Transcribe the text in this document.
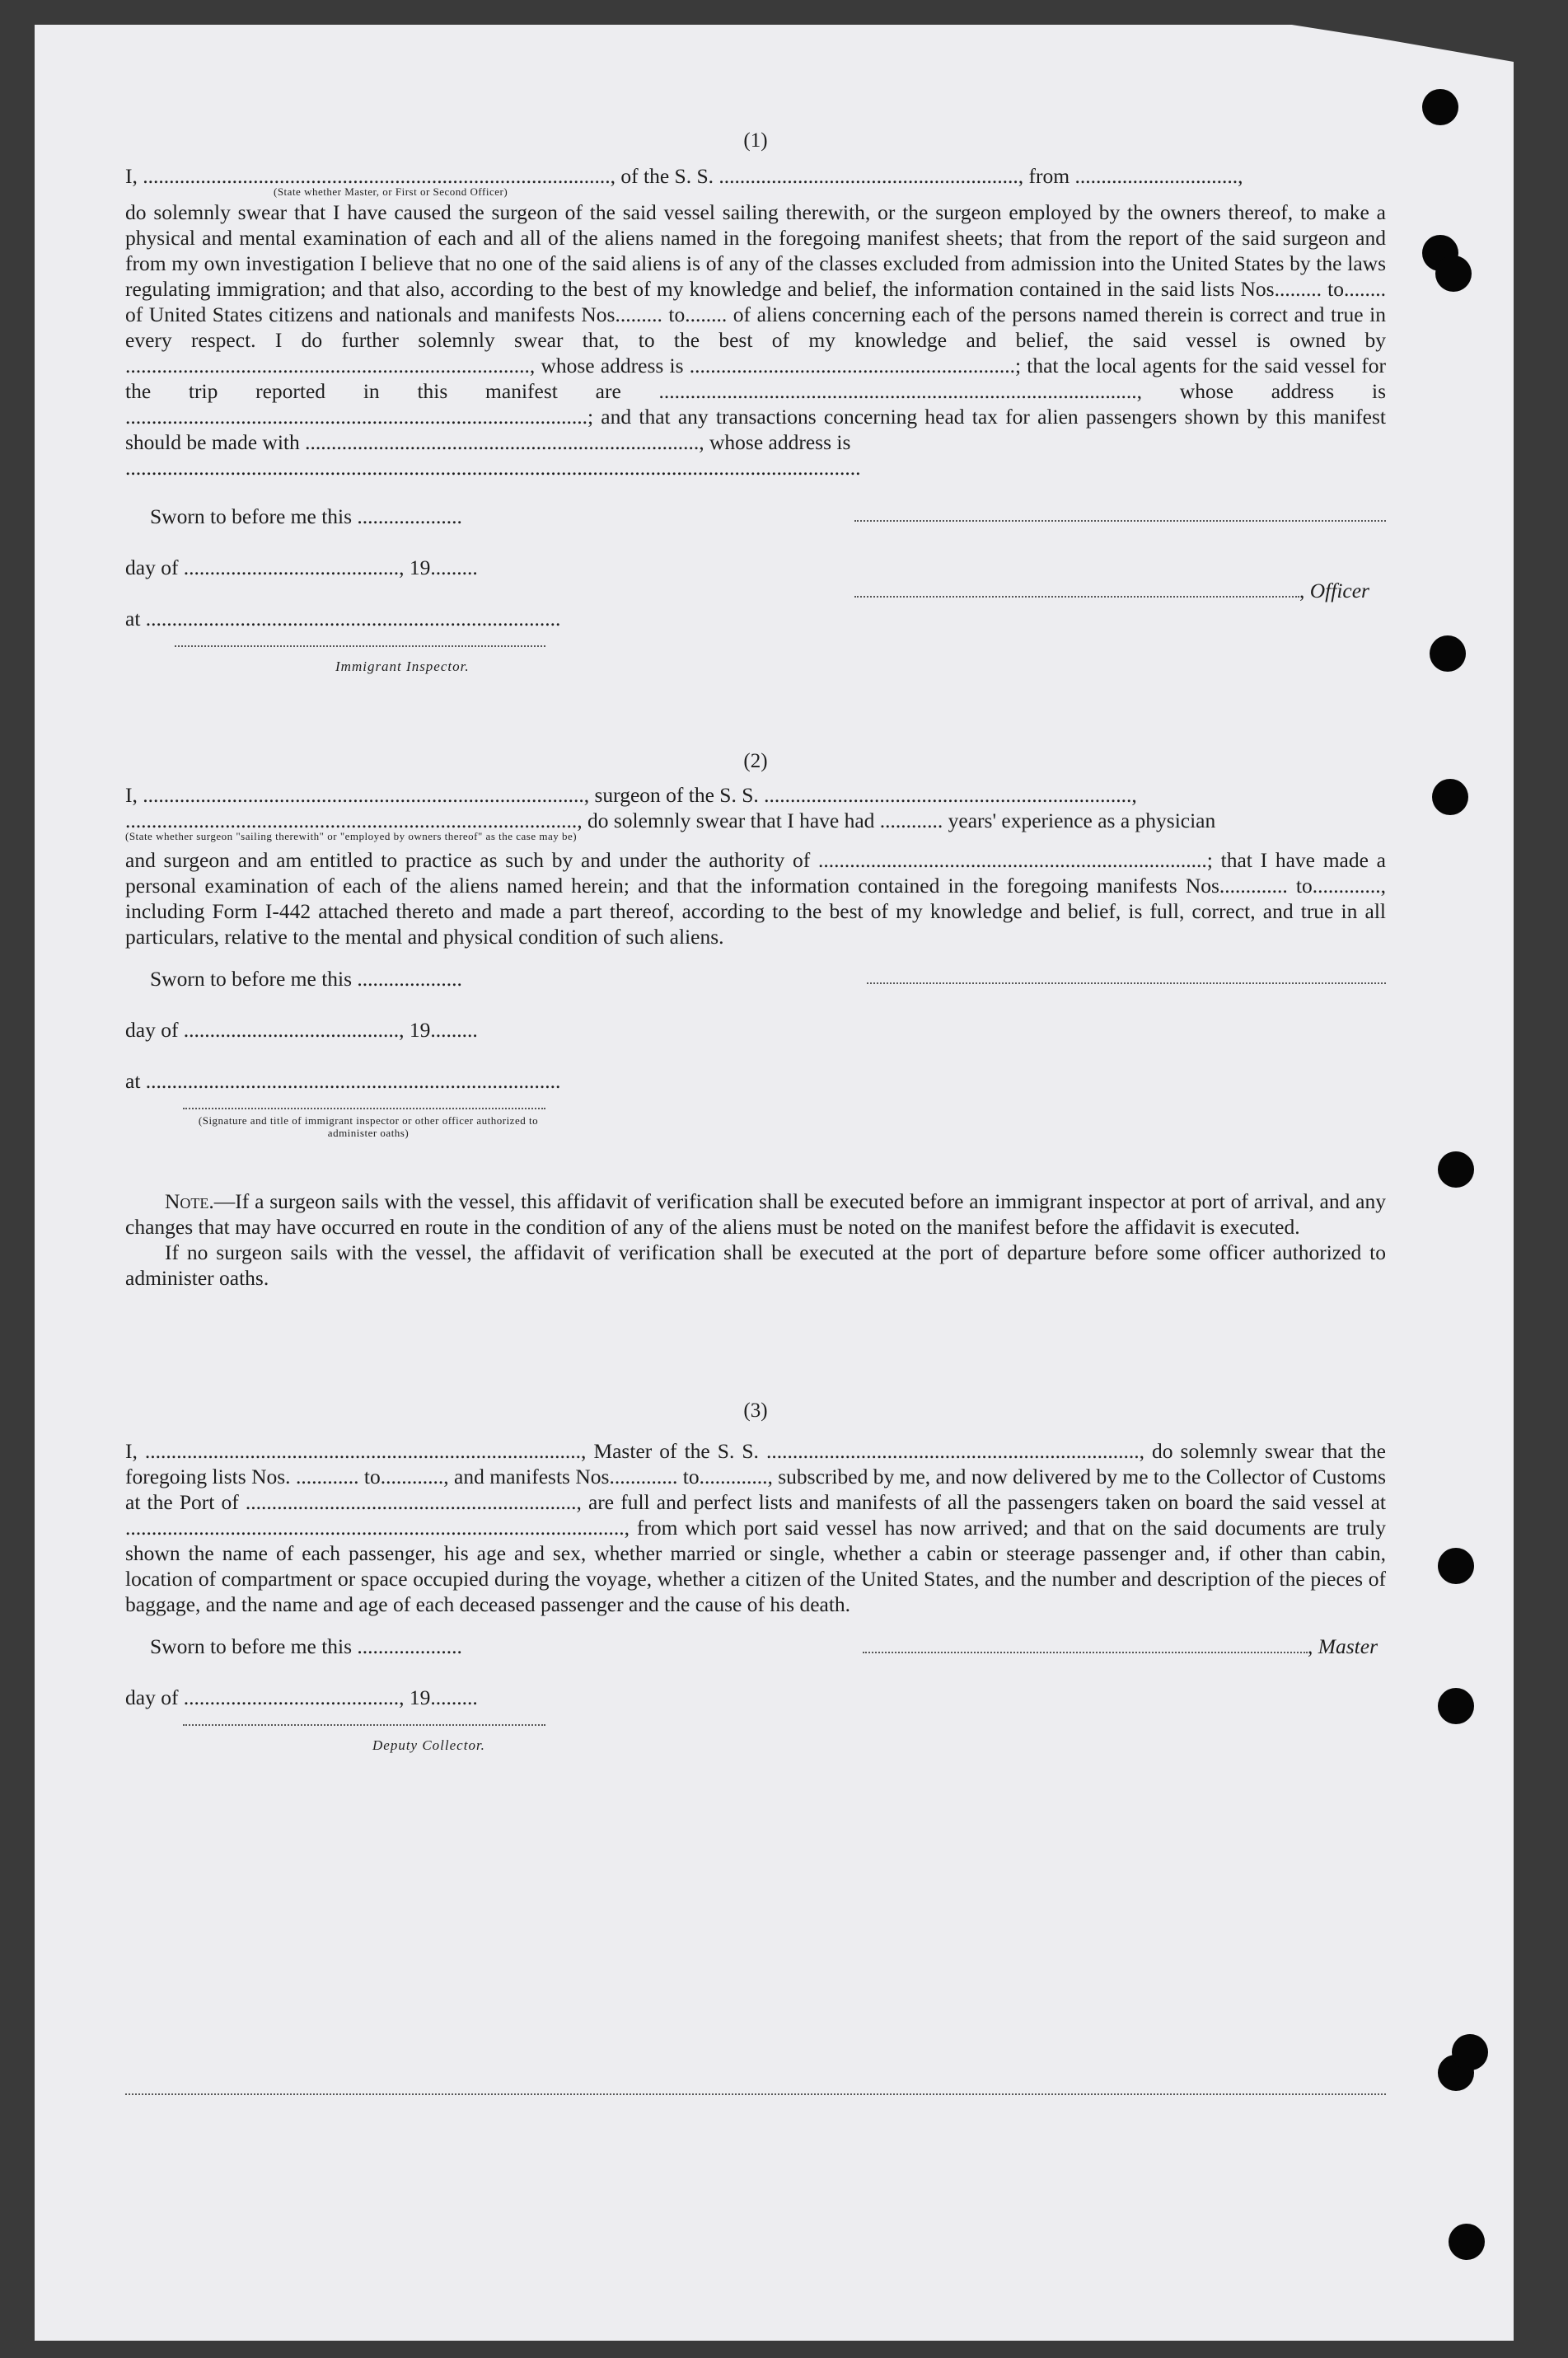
(1)

I, ........................................................................................., of the S. S. ........................................................., from ...............................,

(State whether Master, or First or Second Officer)

do solemnly swear that I have caused the surgeon of the said vessel sailing therewith, or the surgeon employed by the owners thereof, to make a physical and mental examination of each and all of the aliens named in the foregoing manifest sheets; that from the report of the said surgeon and from my own investigation I believe that no one of the said aliens is of any of the classes excluded from admission into the United States by the laws regulating immigration; and that also, according to the best of my knowledge and belief, the information contained in the said lists Nos......... to........ of United States citizens and nationals and manifests Nos......... to........ of aliens concerning each of the persons named therein is correct and true in every respect. I do further solemnly swear that, to the best of my knowledge and belief, the said vessel is owned by ............................................................................., whose address is ..............................................................; that the local agents for the said vessel for the trip reported in this manifest are ..........................................................................................., whose address is ........................................................................................; and that any transactions concerning head tax for alien passengers shown by this manifest should be made with ..........................................................................., whose address is

............................................................................................................................................

Sworn to before me this ....................
day of ........................................., 19.........
at ...............................................................................
Immigrant Inspector.
, Officer

(2)

I, ...................................................................................., surgeon of the S. S. ......................................................................,

......................................................................................, do solemnly swear that I have had ............ years' experience as a physician

(State whether surgeon "sailing therewith" or "employed by owners thereof" as the case may be)

and surgeon and am entitled to practice as such by and under the authority of ..........................................................................; that I have made a personal examination of each of the aliens named herein; and that the information contained in the foregoing manifests Nos............. to............., including Form I-442 attached thereto and made a part thereof, according to the best of my knowledge and belief, is full, correct, and true in all particulars, relative to the mental and physical condition of such aliens.

Sworn to before me this ....................
day of ........................................., 19.........
at ...............................................................................
(Signature and title of immigrant inspector or other officer authorized to administer oaths)

Note.—If a surgeon sails with the vessel, this affidavit of verification shall be executed before an immigrant inspector at port of arrival, and any changes that may have occurred en route in the condition of any of the aliens must be noted on the manifest before the affidavit is executed.

If no surgeon sails with the vessel, the affidavit of verification shall be executed at the port of departure before some officer authorized to administer oaths.

(3)

I, ..................................................................................., Master of the S. S. ......................................................................., do solemnly swear that the foregoing lists Nos. ............ to............, and manifests Nos............. to............., subscribed by me, and now delivered by me to the Collector of Customs at the Port of ..............................................................., are full and perfect lists and manifests of all the passengers taken on board the said vessel at ..............................................................................................., from which port said vessel has now arrived; and that on the said documents are truly shown the name of each passenger, his age and sex, whether married or single, whether a cabin or steerage passenger and, if other than cabin, location of compartment or space occupied during the voyage, whether a citizen of the United States, and the number and description of the pieces of baggage, and the name and age of each deceased passenger and the cause of his death.

Sworn to before me this ....................
day of ........................................., 19.........
Deputy Collector.
, Master
